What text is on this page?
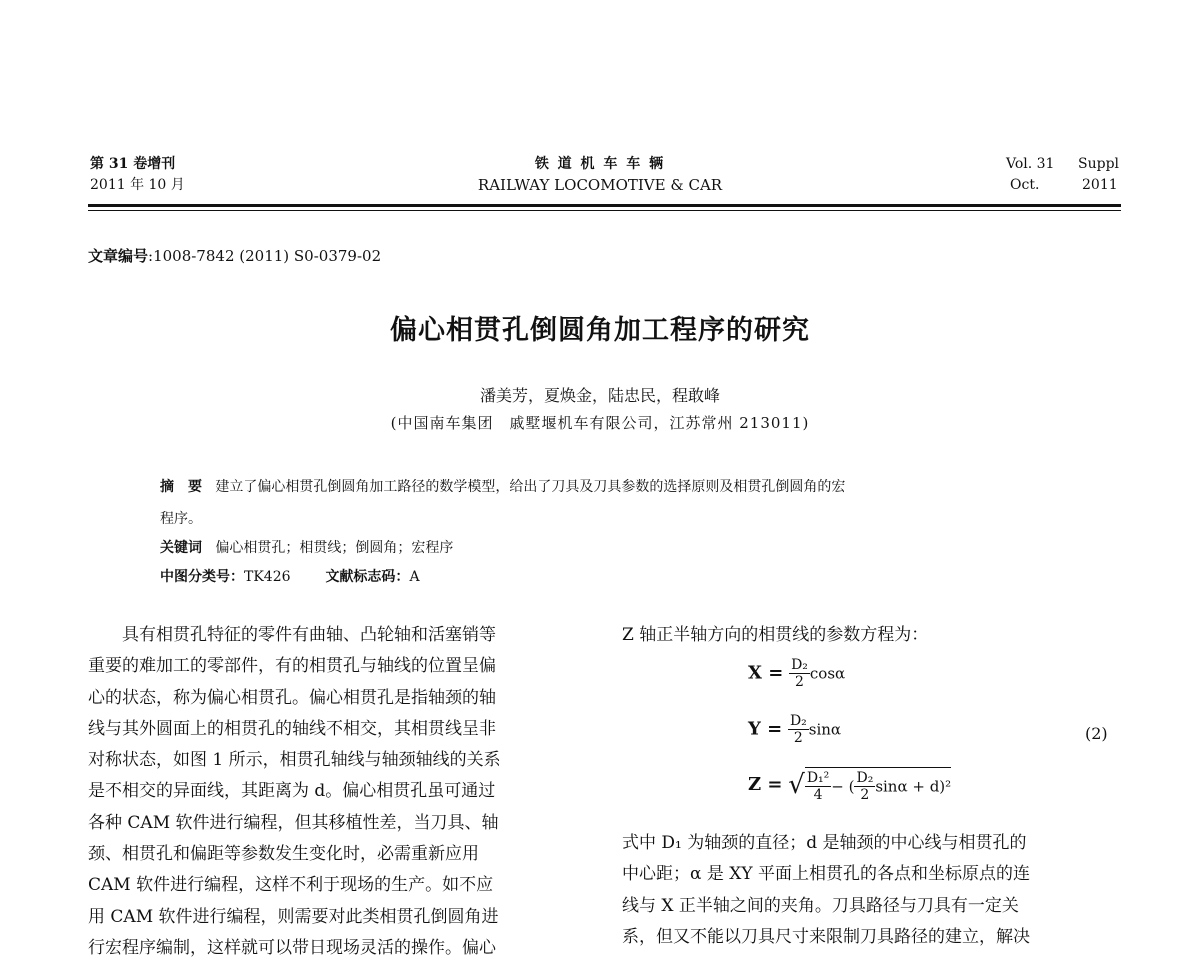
第 31 卷增刊
2011 年 10 月
铁 道 机 车 车 辆
RAILWAY LOCOMOTIVE & CAR
Vol. 31 Suppl
Oct.	2011
文章编号:1008-7842 (2011) S0-0379-02
偏心相贯孔倒圆角加工程序的研究
潘美芳，夏焕金，陆忠民，程敢峰
(中国南车集团　戚墅堰机车有限公司，江苏常州 213011)
摘　要 建立了偏心相贯孔倒圆角加工路径的数学模型，给出了刀具及刀具参数的选择原则及相贯孔倒圆角的宏
程序。
关键词 偏心相贯孔；相贯线；倒圆角；宏程序
中图分类号：TK426 文献标志码：A

具有相贯孔特征的零件有曲轴、凸轮轴和活塞销等

重要的难加工的零部件，有的相贯孔与轴线的位置呈偏

心的状态，称为偏心相贯孔。偏心相贯孔是指轴颈的轴

线与其外圆面上的相贯孔的轴线不相交，其相贯线呈非

对称状态，如图 1 所示，相贯孔轴线与轴颈轴线的关系

是不相交的异面线，其距离为 d。偏心相贯孔虽可通过

各种 CAM 软件进行编程，但其移植性差，当刀具、轴

颈、相贯孔和偏距等参数发生变化时，必需重新应用

CAM 软件进行编程，这样不利于现场的生产。如不应

用 CAM 软件进行编程，则需要对此类相贯孔倒圆角进

行宏程序编制，这样就可以带日现场灵活的操作。偏心

Z 轴正半轴方向的相贯线的参数方程为：
$X = \frac{\text{D₂}}{2}$ cosα
$Y = \frac{\text{D₂}}{2}$ sinα	(2)
Z = √ $\frac{\text{D₁²}}{4}$ − ( $\frac{\text{D₂}}{2}$ sinα + d)²
式中 D₁ 为轴颈的直径；d 是轴颈的中心线与相贯孔的
中心距；α 是 XY 平面上相贯孔的各点和坐标原点的连
线与 X 正半轴之间的夹角。刀具路径与刀具有一定关
系，但又不能以刀具尺寸来限制刀具路径的建立，解决
